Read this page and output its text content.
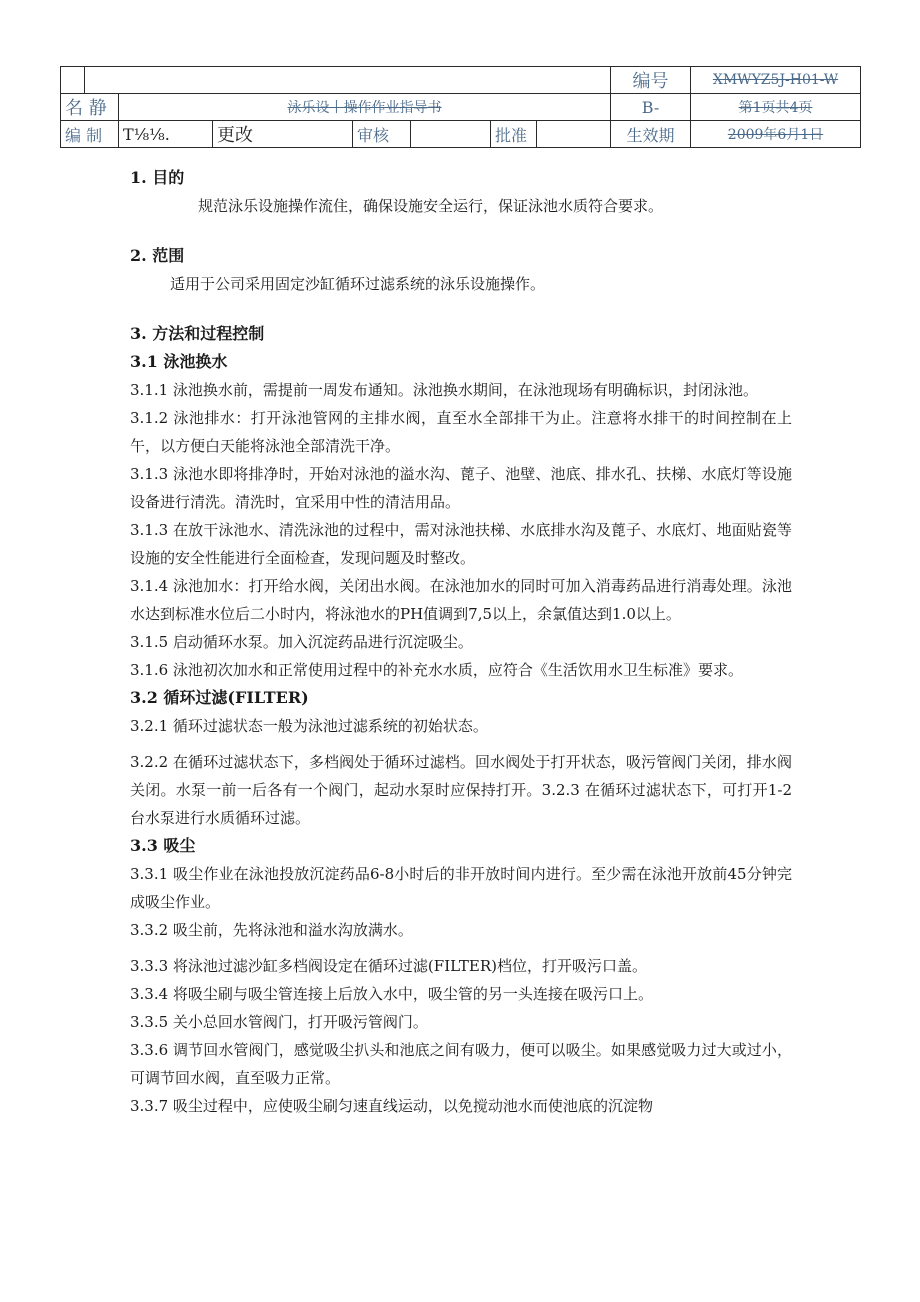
								编号	XMWYZ5J-H01-W
名 静		泳乐设丨操作作业指导书						B-	第1页共4页
编 制		T⅛⅛.	更改	审核		批准		生效期	2009年6月1日

1. 目的

规范泳乐设施操作流住，确保设施安全运行，保证泳池水质符合要求。

2. 范围

适用于公司采用固定沙缸循环过滤系统的泳乐设施操作。

3. 方法和过程控制

3.1 泳池换水

3.1.1 泳池换水前，需提前一周发布通知。泳池换水期间，在泳池现场有明确标识，封闭泳池。

3.1.2 泳池排水：打开泳池管网的主排水阀，直至水全部排干为止。注意将水排干的时间控制在上午，以方便白天能将泳池全部清洗干净。

3.1.3 泳池水即将排净时，开始对泳池的溢水沟、蓖子、池壁、池底、排水孔、扶梯、水底灯等设施设备进行清洗。清洗时，宜采用中性的清洁用品。

3.1.3 在放干泳池水、清洗泳池的过程中，需对泳池扶梯、水底排水沟及蓖子、水底灯、地面贴瓷等设施的安全性能进行全面检查，发现问题及时整改。

3.1.4 泳池加水：打开给水阀，关闭出水阀。在泳池加水的同时可加入消毒药品进行消毒处理。泳池水达到标准水位后二小时内，将泳池水的PH值调到7,5以上，余氯值达到1.0以上。

3.1.5 启动循环水泵。加入沉淀药品进行沉淀吸尘。

3.1.6 泳池初次加水和正常使用过程中的补充水水质，应符合《生活饮用水卫生标准》要求。

3.2 循环过滤(FILTER)

3.2.1 循环过滤状态一般为泳池过滤系统的初始状态。

3.2.2 在循环过滤状态下，多档阀处于循环过滤档。回水阀处于打开状态，吸污管阀门关闭，排水阀关闭。水泵一前一后各有一个阀门，起动水泵时应保持打开。3.2.3 在循环过滤状态下，可打开1-2台水泵进行水质循环过滤。

3.3 吸尘

3.3.1 吸尘作业在泳池投放沉淀药品6-8小时后的非开放时间内进行。至少需在泳池开放前45分钟完成吸尘作业。

3.3.2 吸尘前，先将泳池和溢水沟放满水。

3.3.3 将泳池过滤沙缸多档阀设定在循环过滤(FILTER)档位，打开吸污口盖。

3.3.4 将吸尘刷与吸尘管连接上后放入水中，吸尘管的另一头连接在吸污口上。

3.3.5 关小总回水管阀门，打开吸污管阀门。

3.3.6 调节回水管阀门，感觉吸尘扒头和池底之间有吸力，便可以吸尘。如果感觉吸力过大或过小，可调节回水阀，直至吸力正常。

3.3.7 吸尘过程中，应使吸尘刷匀速直线运动，以免搅动池水而使池底的沉淀物
